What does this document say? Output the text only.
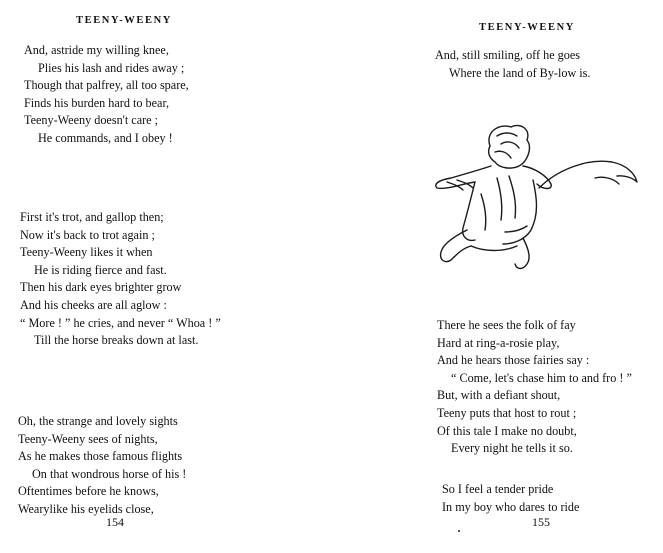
TEENY-WEENY
And, astride my willing knee,
Plies his lash and rides away ;
Though that palfrey, all too spare,
Finds his burden hard to bear,
Teeny-Weeny doesn't care ;
He commands, and I obey !
First it's trot, and gallop then;
Now it's back to trot again ;
Teeny-Weeny likes it when
He is riding fierce and fast.
Then his dark eyes brighter grow
And his cheeks are all aglow :
“ More ! ” he cries, and never “ Whoa ! ”
Till the horse breaks down at last.
Oh, the strange and lovely sights
Teeny-Weeny sees of nights,
As he makes those famous flights
On that wondrous horse of his !
Oftentimes before he knows,
Wearylike his eyelids close,
154
TEENY-WEENY
And, still smiling, off he goes
Where the land of By-low is.
There he sees the folk of fay
Hard at ring-a-rosie play,
And he hears those fairies say :
“ Come, let's chase him to and fro ! ”
But, with a defiant shout,
Teeny puts that host to rout ;
Of this tale I make no doubt,
Every night he tells it so.
So I feel a tender pride
In my boy who dares to ride
155
